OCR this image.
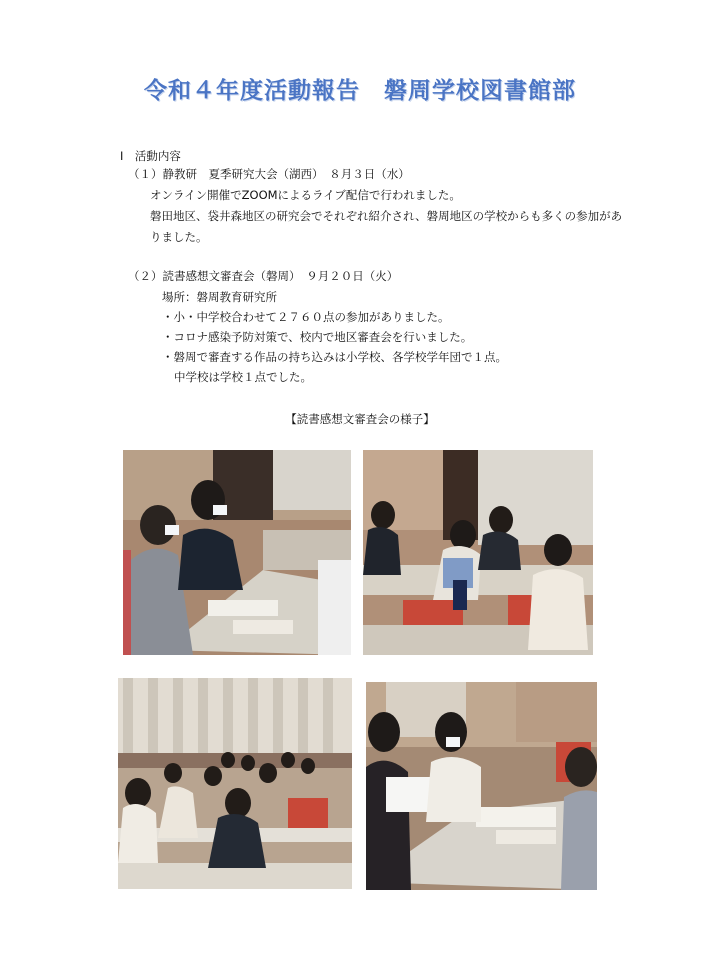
令和４年度活動報告　磐周学校図書館部
Ⅰ　活動内容
（１）静教研　夏季研究大会（湖西）　８月３日（水）
オンライン開催でZOOMによるライブ配信で行われました。
磐田地区、袋井森地区の研究会でそれぞれ紹介され、磐周地区の学校からも多くの参加があ
りました。
（２）読書感想文審査会（磐周）　９月２０日（火）
場所：磐周教育研究所
・小・中学校合わせて２７６０点の参加がありました。
・コロナ感染予防対策で、校内で地区審査会を行いました。
・磐周で審査する作品の持ち込みは小学校、各学校学年団で１点。
中学校は学校１点でした。
【読書感想文審査会の様子】
